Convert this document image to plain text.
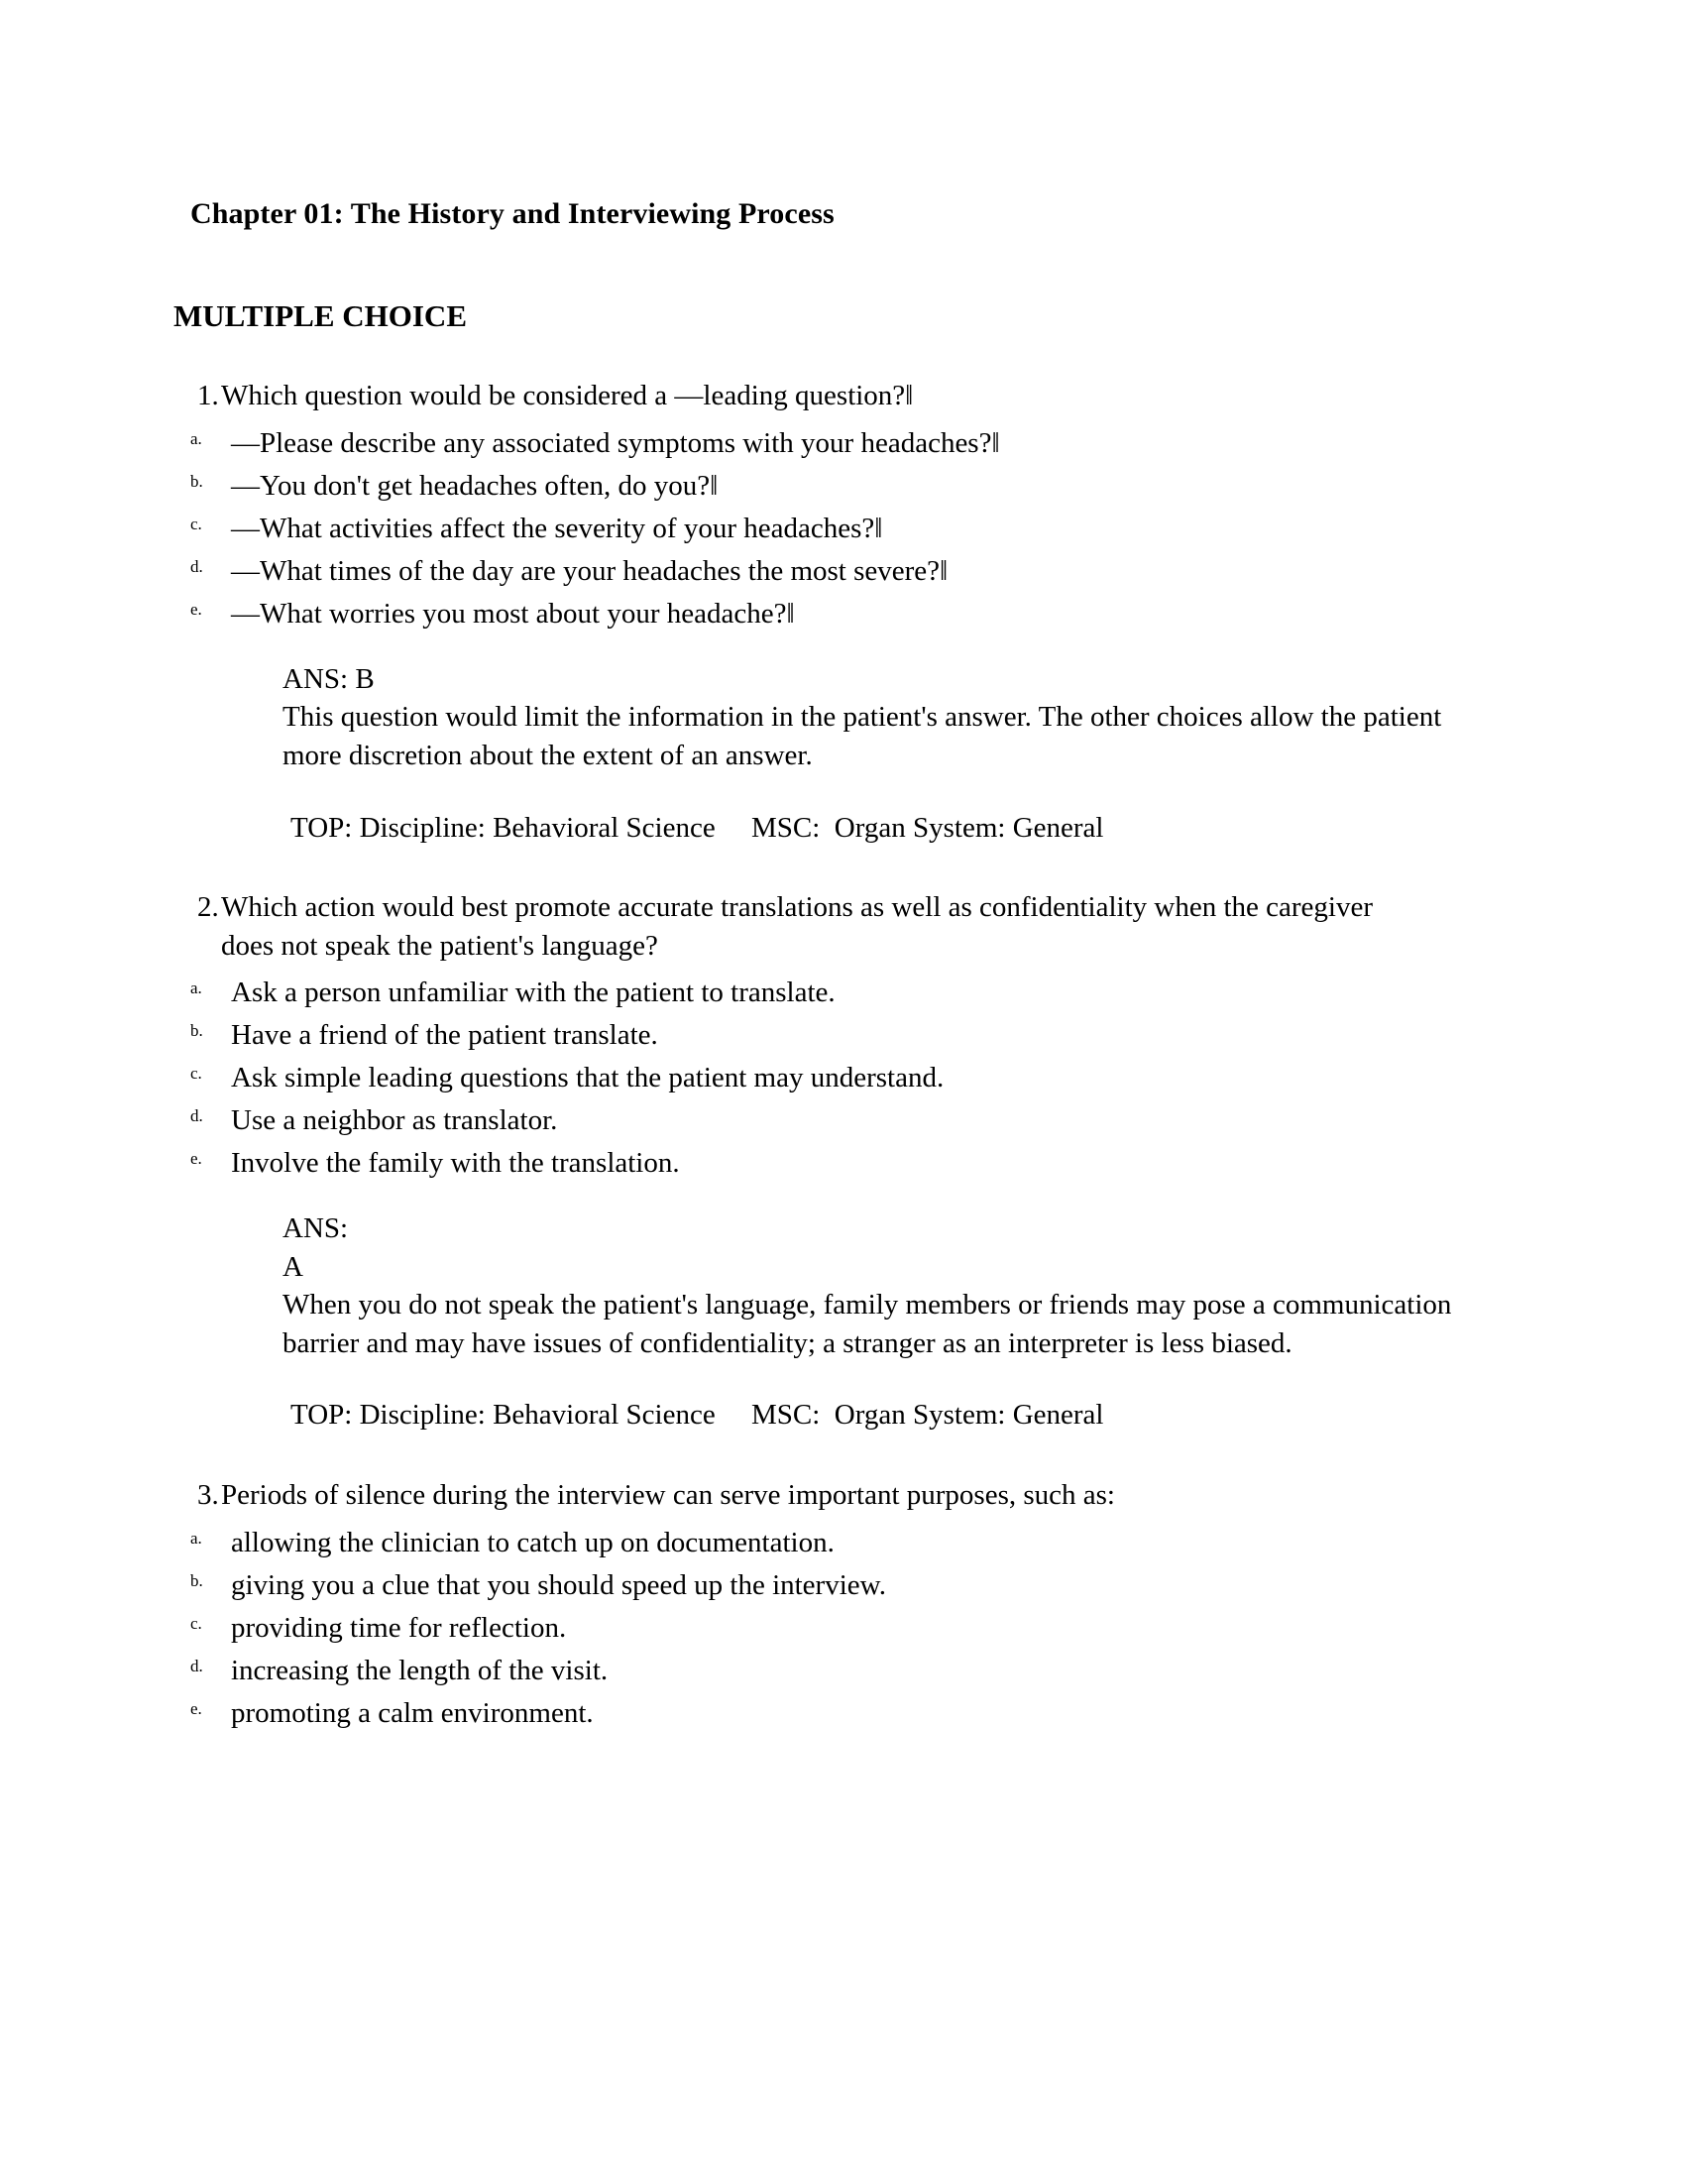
Chapter 01: The History and Interviewing Process
MULTIPLE CHOICE
1. Which question would be considered a —leading question?‖
a.	—Please describe any associated symptoms with your headaches?‖
b. —You don't get headaches often, do you?‖
c.	—What activities affect the severity of your headaches?‖
d. —What times of the day are your headaches the most severe?‖
e.	—What worries you most about your headache?‖
ANS: B
This question would limit the information in the patient's answer. The other choices allow the patient more discretion about the extent of an answer.
TOP: Discipline: Behavioral Science     MSC:  Organ System: General
2. Which action would best promote accurate translations as well as confidentiality when the caregiver does not speak the patient's language?
a.	Ask a person unfamiliar with the patient to translate.
b. Have a friend of the patient translate.
c.	Ask simple leading questions that the patient may understand.
d. Use a neighbor as translator.
e.	Involve the family with the translation.
ANS:
A
When you do not speak the patient's language, family members or friends may pose a communication barrier and may have issues of confidentiality; a stranger as an interpreter is less biased.
TOP: Discipline: Behavioral Science     MSC:  Organ System: General
3. Periods of silence during the interview can serve important purposes, such as:
a.	allowing the clinician to catch up on documentation.
b. giving you a clue that you should speed up the interview.
c.	providing time for reflection.
d. increasing the length of the visit.
e.	promoting a calm environment.
